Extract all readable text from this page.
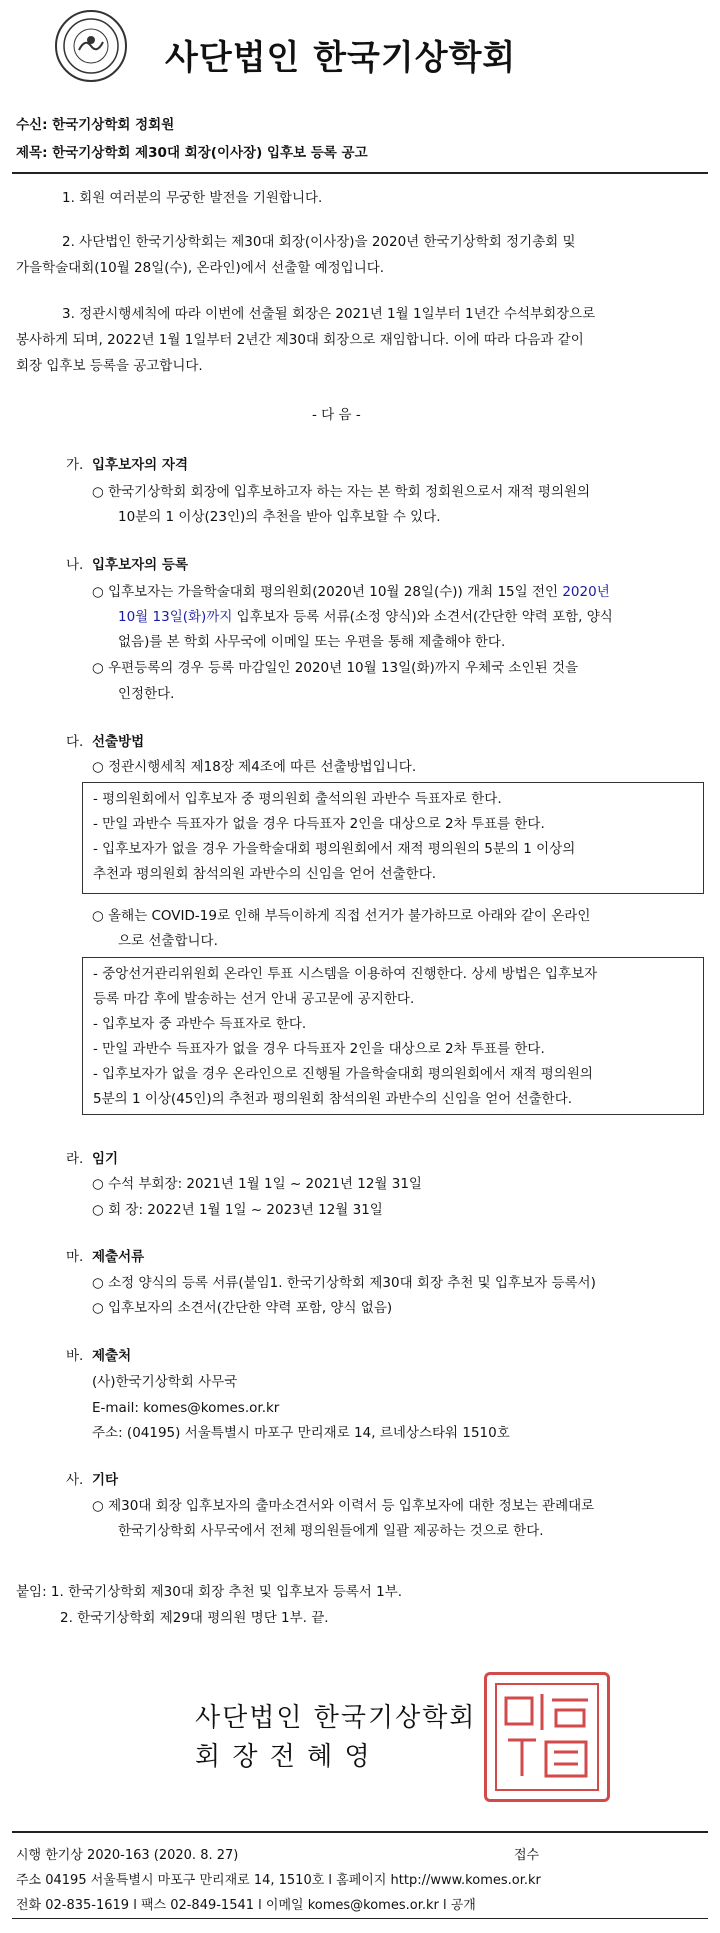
사단법인 한국기상학회
수신: 한국기상학회 정회원
제목: 한국기상학회 제30대 회장(이사장) 입후보 등록 공고
1. 회원 여러분의 무궁한 발전을 기원합니다.
2. 사단법인 한국기상학회는 제30대 회장(이사장)을 2020년 한국기상학회 정기총회 및
가을학술대회(10월 28일(수), 온라인)에서 선출할 예정입니다.
3. 정관시행세칙에 따라 이번에 선출될 회장은 2021년 1월 1일부터 1년간 수석부회장으로
봉사하게 되며, 2022년 1월 1일부터 2년간 제30대 회장으로 재임합니다. 이에 따라 다음과 같이
회장 입후보 등록을 공고합니다.
- 다 음 -
가. 입후보자의 자격
○ 한국기상학회 회장에 입후보하고자 하는 자는 본 학회 정회원으로서 재적 평의원의
10분의 1 이상(23인)의 추천을 받아 입후보할 수 있다.
나. 입후보자의 등록
○ 입후보자는 가을학술대회 평의원회(2020년 10월 28일(수)) 개최 15일 전인 2020년
10월 13일(화)까지 입후보자 등록 서류(소정 양식)와 소견서(간단한 약력 포함, 양식
없음)를 본 학회 사무국에 이메일 또는 우편을 통해 제출해야 한다.
○ 우편등록의 경우 등록 마감일인 2020년 10월 13일(화)까지 우체국 소인된 것을
인정한다.
다. 선출방법
○ 정관시행세칙 제18장 제4조에 따른 선출방법입니다.
- 평의원회에서 입후보자 중 평의원회 출석의원 과반수 득표자로 한다.
- 만일 과반수 득표자가 없을 경우 다득표자 2인을 대상으로 2차 투표를 한다.
- 입후보자가 없을 경우 가을학술대회 평의원회에서 재적 평의원의 5분의 1 이상의
추천과 평의원회 참석의원 과반수의 신임을 얻어 선출한다.
○ 올해는 COVID-19로 인해 부득이하게 직접 선거가 불가하므로 아래와 같이 온라인
으로 선출합니다.
- 중앙선거관리위원회 온라인 투표 시스템을 이용하여 진행한다. 상세 방법은 입후보자
등록 마감 후에 발송하는 선거 안내 공고문에 공지한다.
- 입후보자 중 과반수 득표자로 한다.
- 만일 과반수 득표자가 없을 경우 다득표자 2인을 대상으로 2차 투표를 한다.
- 입후보자가 없을 경우 온라인으로 진행될 가을학술대회 평의원회에서 재적 평의원의
5분의 1 이상(45인)의 추천과 평의원회 참석의원 과반수의 신임을 얻어 선출한다.
라. 임기
○ 수석 부회장: 2021년 1월 1일 ~ 2021년 12월 31일
○ 회 장: 2022년 1월 1일 ~ 2023년 12월 31일
마. 제출서류
○ 소정 양식의 등록 서류(붙임1. 한국기상학회 제30대 회장 추천 및 입후보자 등록서)
○ 입후보자의 소견서(간단한 약력 포함, 양식 없음)
바. 제출처
(사)한국기상학회 사무국
E-mail: komes@komes.or.kr
주소: (04195) 서울특별시 마포구 만리재로 14, 르네상스타워 1510호
사. 기타
○ 제30대 회장 입후보자의 출마소견서와 이력서 등 입후보자에 대한 정보는 관례대로
한국기상학회 사무국에서 전체 평의원들에게 일괄 제공하는 것으로 한다.
붙임: 1. 한국기상학회 제30대 회장 추천 및 입후보자 등록서 1부.
2. 한국기상학회 제29대 평의원 명단 1부. 끝.
사단법인 한국기상학회
회 장 전 혜 영
시행 한기상 2020-163 (2020. 8. 27)	접수
주소 04195 서울특별시 마포구 만리재로 14, 1510호 l 홈페이지 http://www.komes.or.kr
전화 02-835-1619 l 팩스 02-849-1541 l 이메일 komes@komes.or.kr l 공개
